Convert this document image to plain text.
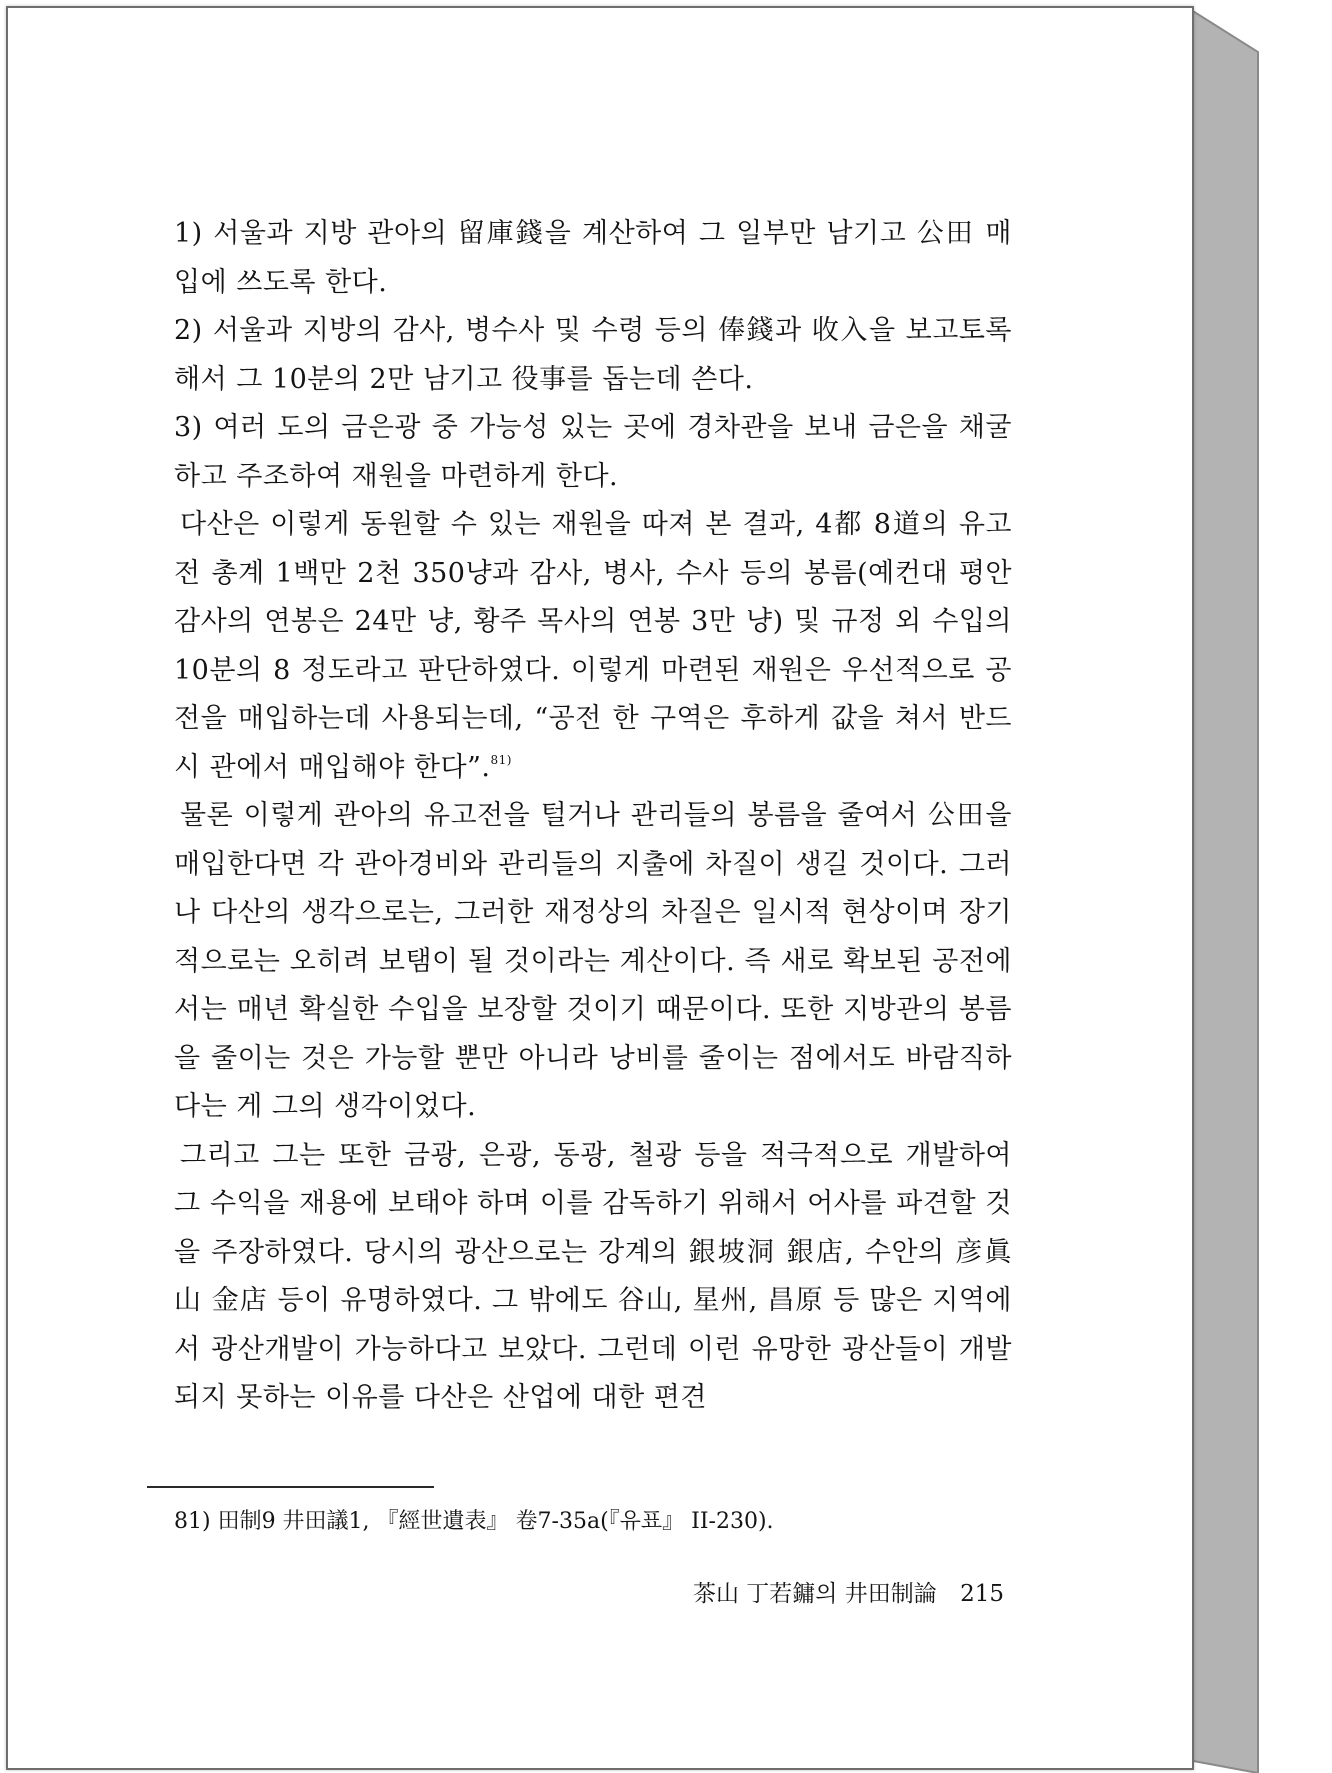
1) 서울과 지방 관아의 留庫錢을 계산하여 그 일부만 남기고 公田 매입에 쓰도록 한다.

2) 서울과 지방의 감사, 병수사 및 수령 등의 俸錢과 收入을 보고토록 해서 그 10분의 2만 남기고 役事를 돕는데 쓴다.

3) 여러 도의 금은광 중 가능성 있는 곳에 경차관을 보내 금은을 채굴하고 주조하여 재원을 마련하게 한다.

다산은 이렇게 동원할 수 있는 재원을 따져 본 결과, 4都 8道의 유고전 총계 1백만 2천 350냥과 감사, 병사, 수사 등의 봉름(예컨대 평안감사의 연봉은 24만 냥, 황주 목사의 연봉 3만 냥) 및 규정 외 수입의 10분의 8 정도라고 판단하였다. 이렇게 마련된 재원은 우선적으로 공전을 매입하는데 사용되는데, “공전 한 구역은 후하게 값을 쳐서 반드시 관에서 매입해야 한다”.$^{81)}$

물론 이렇게 관아의 유고전을 털거나 관리들의 봉름을 줄여서 公田을 매입한다면 각 관아경비와 관리들의 지출에 차질이 생길 것이다. 그러나 다산의 생각으로는, 그러한 재정상의 차질은 일시적 현상이며 장기적으로는 오히려 보탬이 될 것이라는 계산이다. 즉 새로 확보된 공전에서는 매년 확실한 수입을 보장할 것이기 때문이다. 또한 지방관의 봉름을 줄이는 것은 가능할 뿐만 아니라 낭비를 줄이는 점에서도 바람직하다는 게 그의 생각이었다.

그리고 그는 또한 금광, 은광, 동광, 철광 등을 적극적으로 개발하여 그 수익을 재용에 보태야 하며 이를 감독하기 위해서 어사를 파견할 것을 주장하였다. 당시의 광산으로는 강계의 銀坡洞 銀店, 수안의 彦眞山 金店 등이 유명하였다. 그 밖에도 谷山, 星州, 昌原 등 많은 지역에서 광산개발이 가능하다고 보았다. 그런데 이런 유망한 광산들이 개발되지 못하는 이유를 다산은 산업에 대한 편견

81) 田制9 井田議1, 『經世遺表』 卷7-35a(『유표』 II-230).
茶山 丁若鏞의 井田制論 215
